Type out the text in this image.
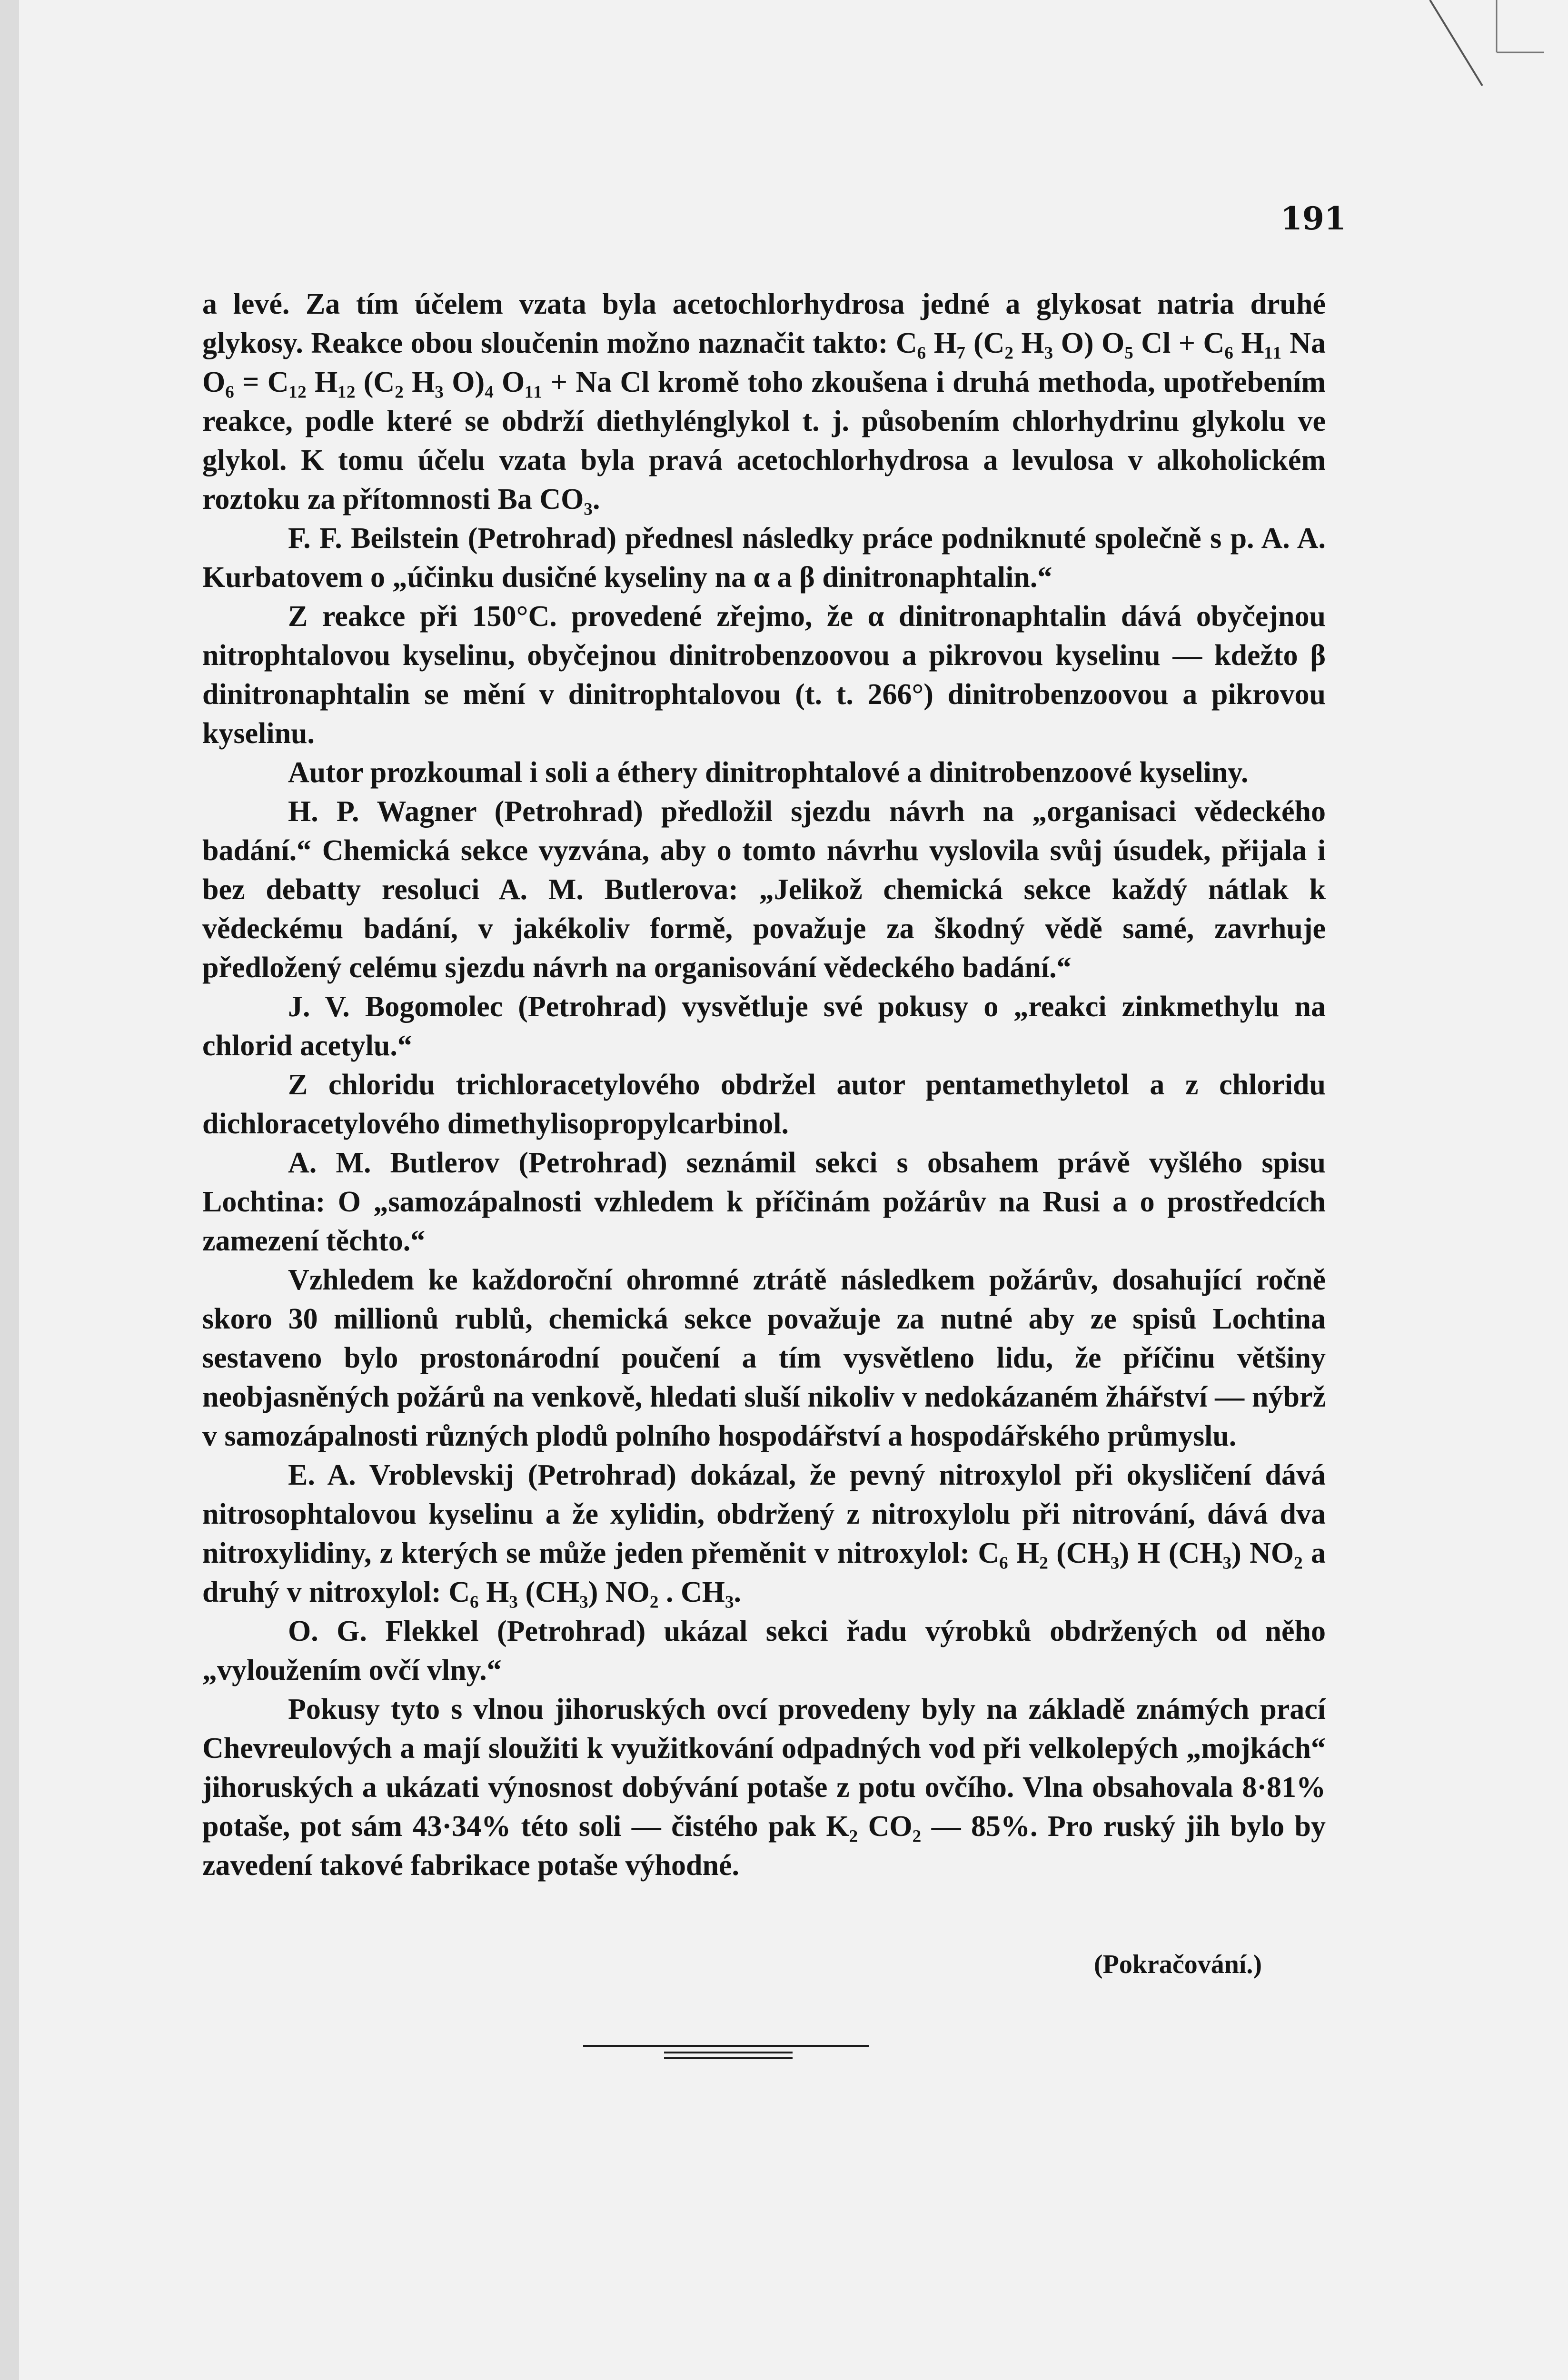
191

a levé. Za tím účelem vzata byla acetochlorhydrosa jedné a glykosat natria druhé glykosy. Reakce obou sloučenin možno naznačit takto: C₆ H₇ (C₂ H₃ O) O₅ Cl + C₆ H₁₁ Na O₆ = C₁₂ H₁₂ (C₂ H₃ O)₄ O₁₁ + Na Cl kromě toho zkoušena i druhá methoda, upotřebením reakce, podle které se obdrží diethylénglykol t. j. působením chlorhydrinu glykolu ve glykol. K tomu účelu vzata byla pravá acetochlorhydrosa a levulosa v alkoholickém roztoku za přítomnosti Ba CO₃.

F. F. Beilstein (Petrohrad) přednesl následky práce podniknuté společně s p. A. A. Kurbatovem o „účinku dusičné kyseliny na α a β dinitronaphtalin.“

Z reakce při 150°C. provedené zřejmo, že α dinitronaphtalin dává obyčejnou nitrophtalovou kyselinu, obyčejnou dinitrobenzoovou a pikrovou kyselinu — kdežto β dinitronaphtalin se mění v dinitrophtalovou (t. t. 266°) dinitrobenzoovou a pikrovou kyselinu.

Autor prozkoumal i soli a éthery dinitrophtalové a dinitrobenzoové kyseliny.

H. P. Wagner (Petrohrad) předložil sjezdu návrh na „organisaci vědeckého badání.“ Chemická sekce vyzvána, aby o tomto návrhu vyslovila svůj úsudek, přijala i bez debatty resoluci A. M. Butlerova: „Jelikož chemická sekce každý nátlak k vědeckému badání, v jakékoliv formě, považuje za škodný vědě samé, zavrhuje předložený celému sjezdu návrh na organisování vědeckého badání.“

J. V. Bogomolec (Petrohrad) vysvětluje své pokusy o „reakci zinkmethylu na chlorid acetylu.“

Z chloridu trichloracetylového obdržel autor pentamethyletol a z chloridu dichloracetylového dimethylisopropylcarbinol.

A. M. Butlerov (Petrohrad) seznámil sekci s obsahem právě vyšlého spisu Lochtina: O „samozápalnosti vzhledem k příčinám požárův na Rusi a o prostředcích zamezení těchto.“

Vzhledem ke každoroční ohromné ztrátě následkem požárův, dosahující ročně skoro 30 millionů rublů, chemická sekce považuje za nutné aby ze spisů Lochtina sestaveno bylo prostonárodní poučení a tím vysvětleno lidu, že příčinu většiny neobjasněných požárů na venkově, hledati sluší nikoliv v nedokázaném žhářství — nýbrž v samozápalnosti různých plodů polního hospodářství a hospodářského průmyslu.

E. A. Vroblevskij (Petrohrad) dokázal, že pevný nitroxylol při okysličení dává nitrosophtalovou kyselinu a že xylidin, obdržený z nitroxylolu při nitrování, dává dva nitroxylidiny, z kterých se může jeden přeměnit v nitroxylol: C₆ H₂ (CH₃) H (CH₃) NO₂ a druhý v nitroxylol: C₆ H₃ (CH₃) NO₂ . CH₃.

O. G. Flekkel (Petrohrad) ukázal sekci řadu výrobků obdržených od něho „vyloužením ovčí vlny.“

Pokusy tyto s vlnou jihoruských ovcí provedeny byly na základě známých prací Chevreulových a mají sloužiti k využitkování odpadných vod při velkolepých „mojkách“ jihoruských a ukázati výnosnost dobývání potaše z potu ovčího. Vlna obsahovala 8·81% potaše, pot sám 43·34% této soli — čistého pak K₂ CO₂ — 85%. Pro ruský jih bylo by zavedení takové fabrikace potaše výhodné.

(Pokračování.)
